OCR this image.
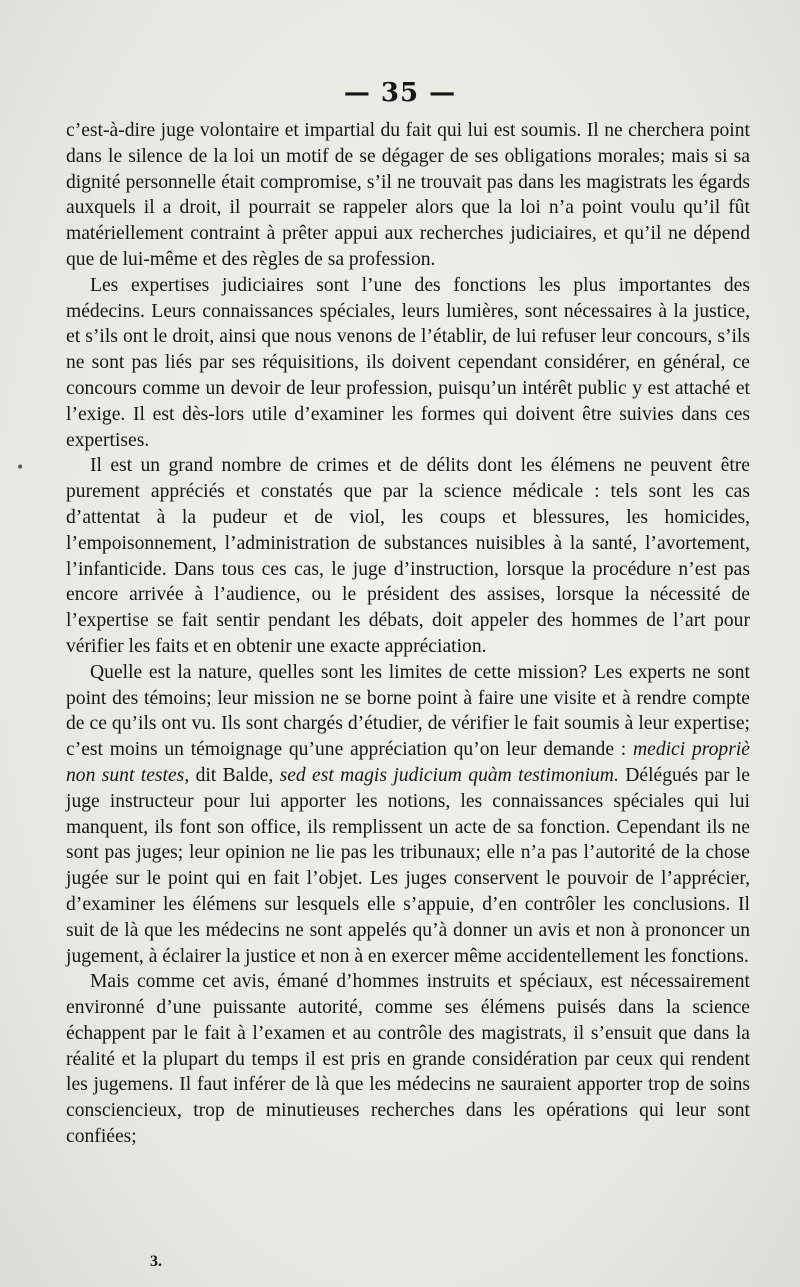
— 35 —

c’est-à-dire juge volontaire et impartial du fait qui lui est soumis. Il ne cherchera point dans le silence de la loi un motif de se dégager de ses obligations morales; mais si sa dignité personnelle était compromise, s’il ne trouvait pas dans les magistrats les égards auxquels il a droit, il pourrait se rappeler alors que la loi n’a point voulu qu’il fût matériellement contraint à prêter appui aux recherches judiciaires, et qu’il ne dépend que de lui-même et des règles de sa profession.

Les expertises judiciaires sont l’une des fonctions les plus importantes des médecins. Leurs connaissances spéciales, leurs lumières, sont nécessaires à la justice, et s’ils ont le droit, ainsi que nous venons de l’établir, de lui refuser leur concours, s’ils ne sont pas liés par ses réquisitions, ils doivent cependant considérer, en général, ce concours comme un devoir de leur profession, puisqu’un intérêt public y est attaché et l’exige. Il est dès-lors utile d’examiner les formes qui doivent être suivies dans ces expertises.

Il est un grand nombre de crimes et de délits dont les élémens ne peuvent être purement appréciés et constatés que par la science médicale : tels sont les cas d’attentat à la pudeur et de viol, les coups et blessures, les homicides, l’empoisonnement, l’administration de substances nuisibles à la santé, l’avortement, l’infanticide. Dans tous ces cas, le juge d’instruction, lorsque la procédure n’est pas encore arrivée à l’audience, ou le président des assises, lorsque la nécessité de l’expertise se fait sentir pendant les débats, doit appeler des hommes de l’art pour vérifier les faits et en obtenir une exacte appréciation.

Quelle est la nature, quelles sont les limites de cette mission? Les experts ne sont point des témoins; leur mission ne se borne point à faire une visite et à rendre compte de ce qu’ils ont vu. Ils sont chargés d’étudier, de vérifier le fait soumis à leur expertise; c’est moins un témoignage qu’une appréciation qu’on leur demande : medici propriè non sunt testes, dit Balde, sed est magis judicium quàm testimonium. Délégués par le juge instructeur pour lui apporter les notions, les connaissances spéciales qui lui manquent, ils font son office, ils remplissent un acte de sa fonction. Cependant ils ne sont pas juges; leur opinion ne lie pas les tribunaux; elle n’a pas l’autorité de la chose jugée sur le point qui en fait l’objet. Les juges conservent le pouvoir de l’apprécier, d’examiner les élémens sur lesquels elle s’appuie, d’en contrôler les conclusions. Il suit de là que les médecins ne sont appelés qu’à donner un avis et non à prononcer un jugement, à éclairer la justice et non à en exercer même accidentellement les fonctions.

Mais comme cet avis, émané d’hommes instruits et spéciaux, est nécessairement environné d’une puissante autorité, comme ses élémens puisés dans la science échappent par le fait à l’examen et au contrôle des magistrats, il s’ensuit que dans la réalité et la plupart du temps il est pris en grande considération par ceux qui rendent les jugemens. Il faut inférer de là que les médecins ne sauraient apporter trop de soins consciencieux, trop de minutieuses recherches dans les opérations qui leur sont confiées;

•
3.
